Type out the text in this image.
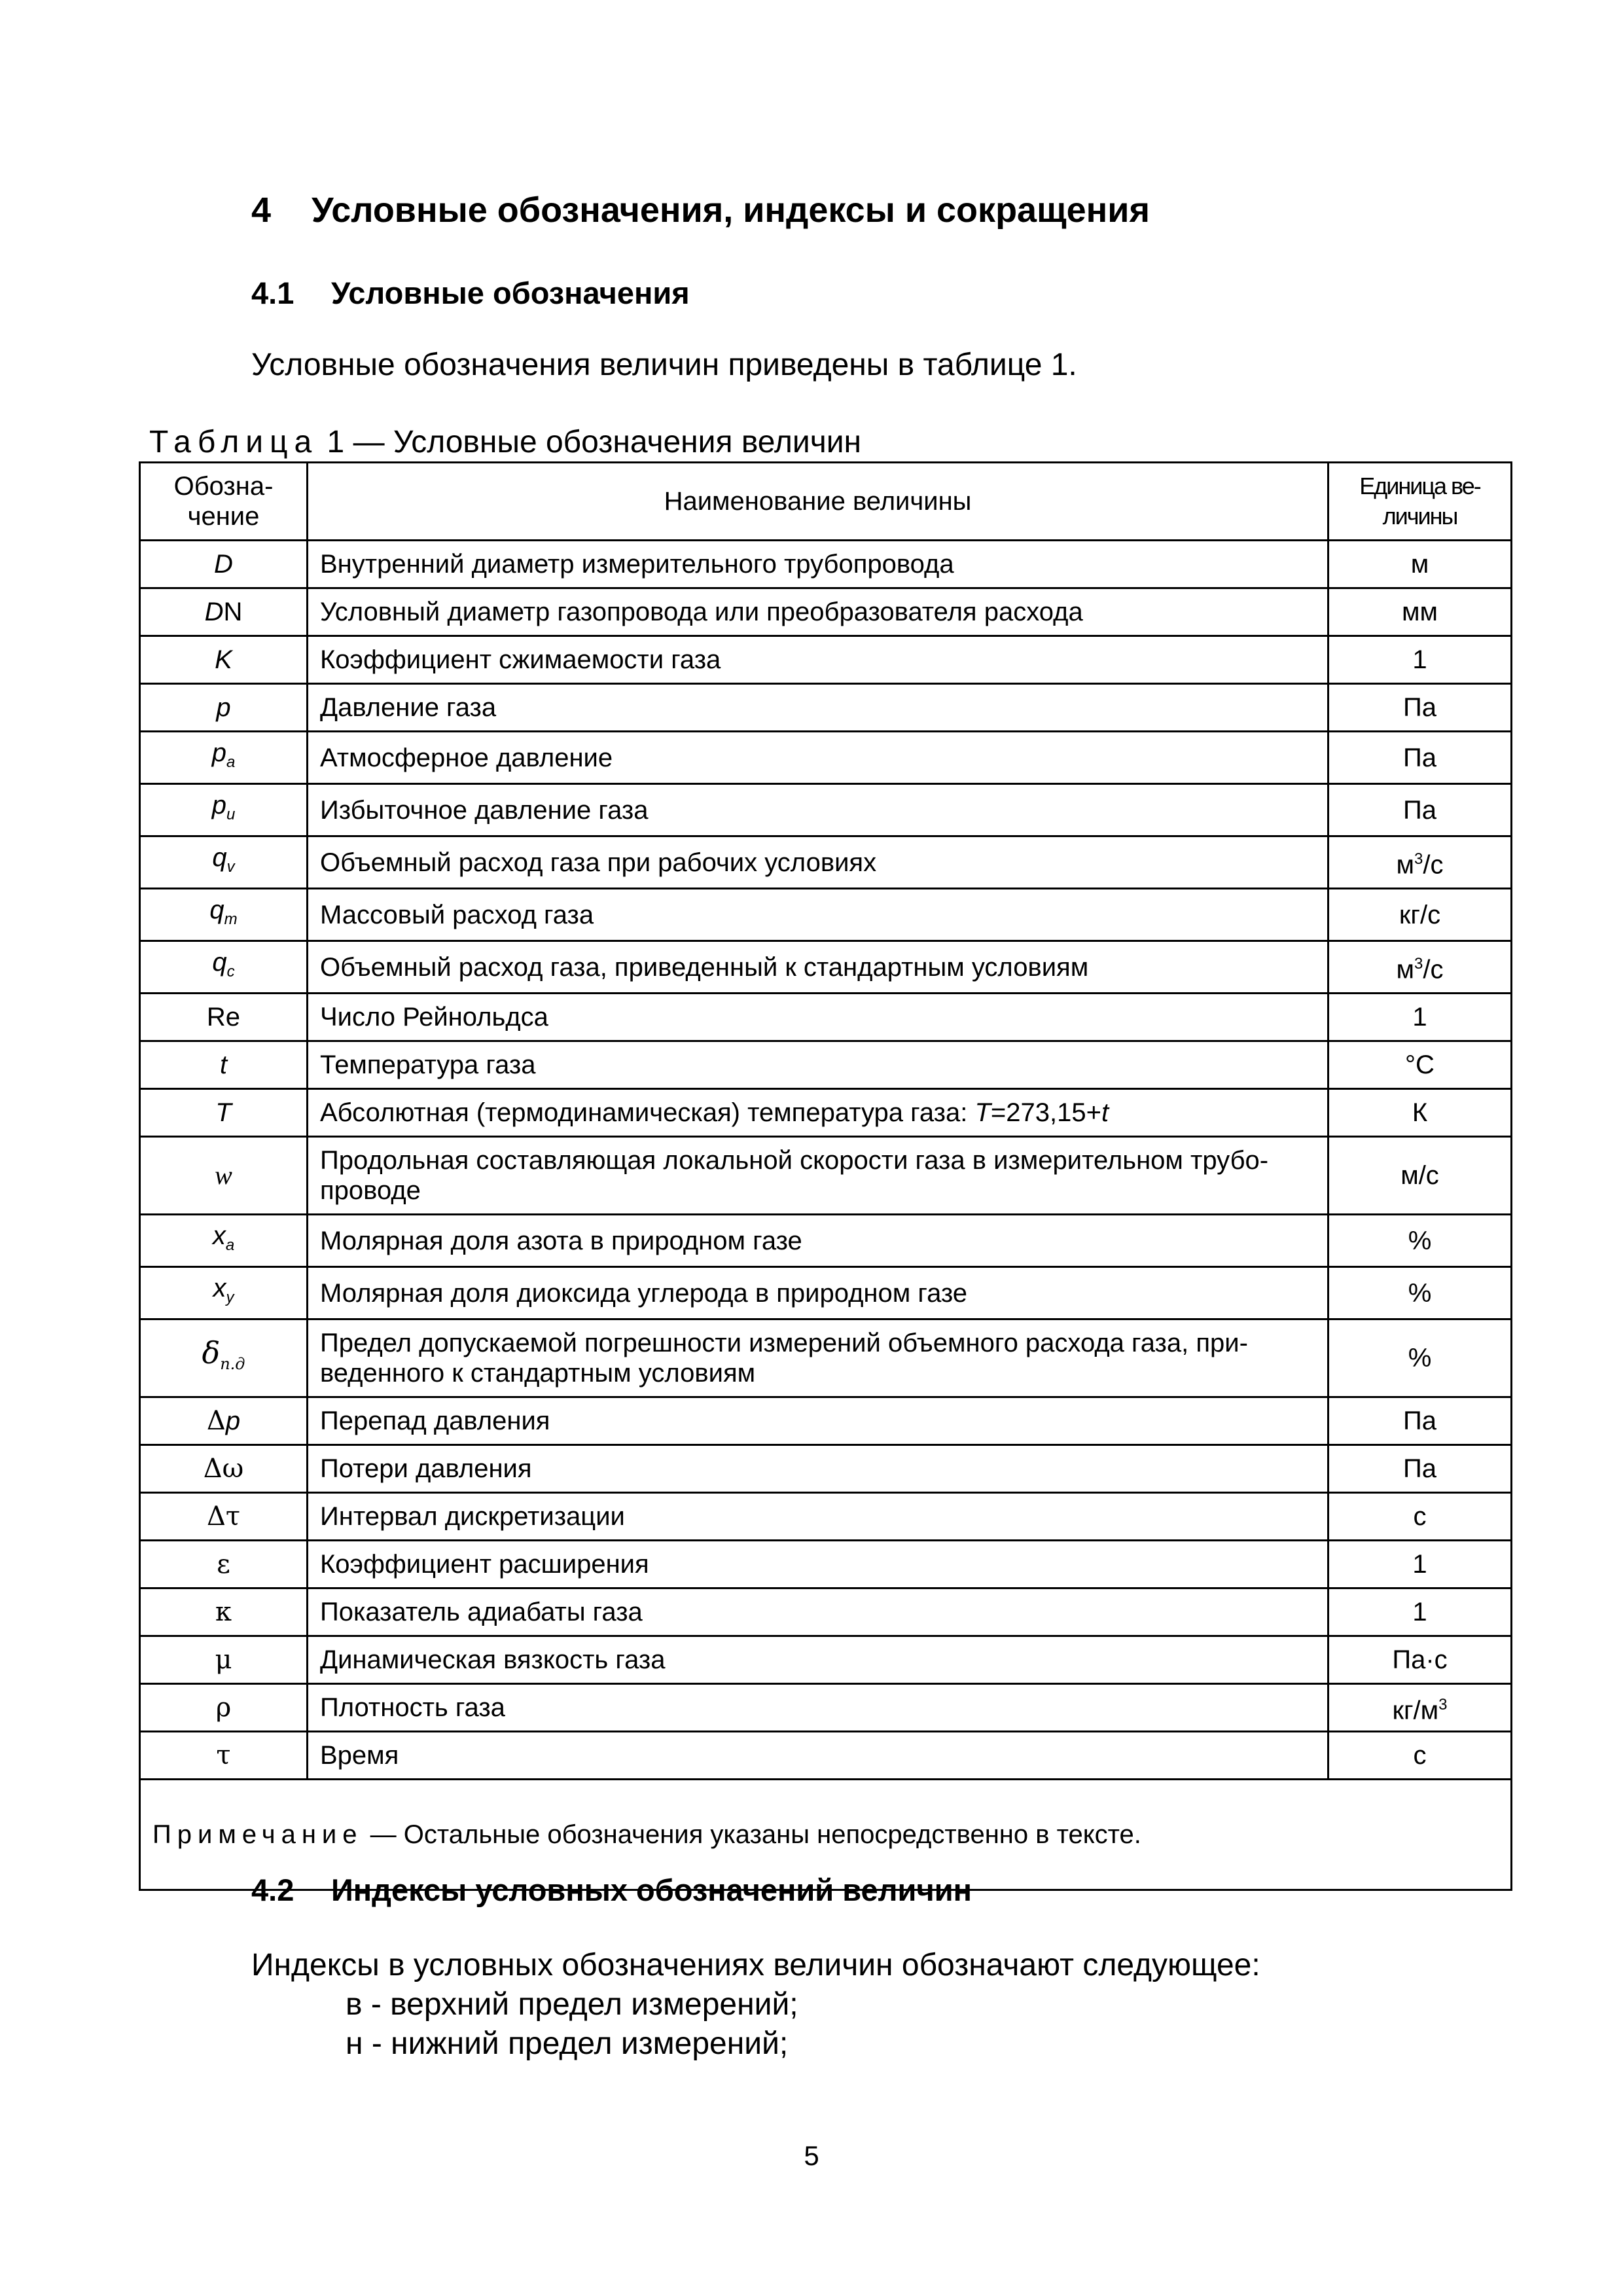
4 Условные обозначения, индексы и сокращения
4.1 Условные обозначения

Условные обозначения величин приведены в таблице 1.

Таблица 1 — Условные обозначения величин

Обозна-
чение	Наименование величины	Единица ве-
личины
D	Внутренний диаметр измерительного трубопровода	м
DN	Условный диаметр газопровода или преобразователя расхода	мм
K	Коэффициент сжимаемости газа	1
p	Давление газа	Па
$p_а$	Атмосферное давление	Па
$p_и$	Избыточное давление газа	Па
$q_v$	Объемный расход газа при рабочих условиях	$м^3/с$
$q_m$	Массовый расход газа	кг/с
$q_c$	Объемный расход газа, приведенный к стандартным условиям	$м^3/с$
Re	Число Рейнольдса	1
t	Температура газа	°С
T	Абсолютная (термодинамическая) температура газа: T=273,15+t	К
w	Продольная составляющая локальной скорости газа в измерительном трубо-
проводе	м/с
$x_a$	Молярная доля азота в природном газе	%
$x_y$	Молярная доля диоксида углерода в природном газе	%
$\delta_{п.д}$	Предел допускаемой погрешности измерений объемного расхода газа, при-
веденного к стандартным условиям	%
Δp	Перепад давления	Па
Δω	Потери давления	Па
Δτ	Интервал дискретизации	с
ε	Коэффициент расширения	1
κ	Показатель адиабаты газа	1
μ	Динамическая вязкость газа	Па·с
ρ	Плотность газа	$кг/м^3$
τ	Время	с
Примечание — Остальные обозначения указаны непосредственно в тексте.		
4.2 Индексы условных обозначений величин

Индексы в условных обозначениях величин обозначают следующее:

в - верхний предел измерений;

н - нижний предел измерений;

5
